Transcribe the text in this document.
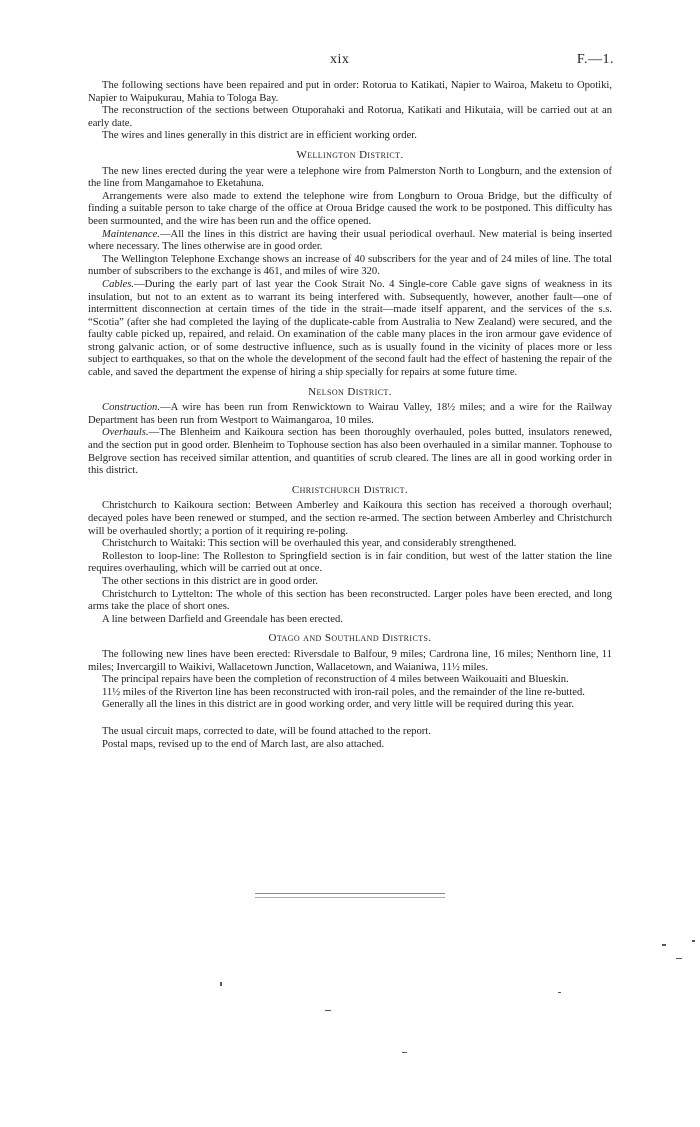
xix	F.—1.

The following sections have been repaired and put in order: Rotorua to Katikati, Napier to Wairoa, Maketu to Opotiki, Napier to Waipukurau, Mahia to Tologa Bay.

The reconstruction of the sections between Otuporahaki and Rotorua, Katikati and Hikutaia, will be carried out at an early date.

The wires and lines generally in this district are in efficient working order.

Wellington District.

The new lines erected during the year were a telephone wire from Palmerston North to Longburn, and the extension of the line from Mangamahoe to Eketahuna.

Arrangements were also made to extend the telephone wire from Longburn to Oroua Bridge, but the difficulty of finding a suitable person to take charge of the office at Oroua Bridge caused the work to be postponed. This difficulty has been surmounted, and the wire has been run and the office opened.

Maintenance.—All the lines in this district are having their usual periodical overhaul. New material is being inserted where necessary. The lines otherwise are in good order.

The Wellington Telephone Exchange shows an increase of 40 subscribers for the year and of 24 miles of line. The total number of subscribers to the exchange is 461, and miles of wire 320.

Cables.—During the early part of last year the Cook Strait No. 4 Single-core Cable gave signs of weakness in its insulation, but not to an extent as to warrant its being interfered with. Subsequently, however, another fault—one of intermittent disconnection at certain times of the tide in the strait—made itself apparent, and the services of the s.s. “Scotia” (after she had completed the laying of the duplicate-cable from Australia to New Zealand) were secured, and the faulty cable picked up, repaired, and relaid. On examination of the cable many places in the iron armour gave evidence of strong galvanic action, or of some destructive influence, such as is usually found in the vicinity of places more or less subject to earthquakes, so that on the whole the development of the second fault had the effect of hastening the repair of the cable, and saved the department the expense of hiring a ship specially for repairs at some future time.

Nelson District.

Construction.—A wire has been run from Renwicktown to Wairau Valley, 18½ miles; and a wire for the Railway Department has been run from Westport to Waimangaroa, 10 miles.

Overhauls.—The Blenheim and Kaikoura section has been thoroughly overhauled, poles butted, insulators renewed, and the section put in good order. Blenheim to Tophouse section has also been overhauled in a similar manner. Tophouse to Belgrove section has received similar attention, and quantities of scrub cleared. The lines are all in good working order in this district.

Christchurch District.

Christchurch to Kaikoura section: Between Amberley and Kaikoura this section has received a thorough overhaul; decayed poles have been renewed or stumped, and the section re-armed. The section between Amberley and Christchurch will be overhauled shortly; a portion of it requiring re-poling.

Christchurch to Waitaki: This section will be overhauled this year, and considerably strengthened.

Rolleston to loop-line: The Rolleston to Springfield section is in fair condition, but west of the latter station the line requires overhauling, which will be carried out at once.

The other sections in this district are in good order.

Christchurch to Lyttelton: The whole of this section has been reconstructed. Larger poles have been erected, and long arms take the place of short ones.

A line between Darfield and Greendale has been erected.

Otago and Southland Districts.

The following new lines have been erected: Riversdale to Balfour, 9 miles; Cardrona line, 16 miles; Nenthorn line, 11 miles; Invercargill to Waikivi, Wallacetown Junction, Wallacetown, and Waianiwa, 11½ miles.

The principal repairs have been the completion of reconstruction of 4 miles between Waikouaiti and Blueskin.

11½ miles of the Riverton line has been reconstructed with iron-rail poles, and the remainder of the line re-butted.

Generally all the lines in this district are in good working order, and very little will be required during this year.

The usual circuit maps, corrected to date, will be found attached to the report.

Postal maps, revised up to the end of March last, are also attached.
